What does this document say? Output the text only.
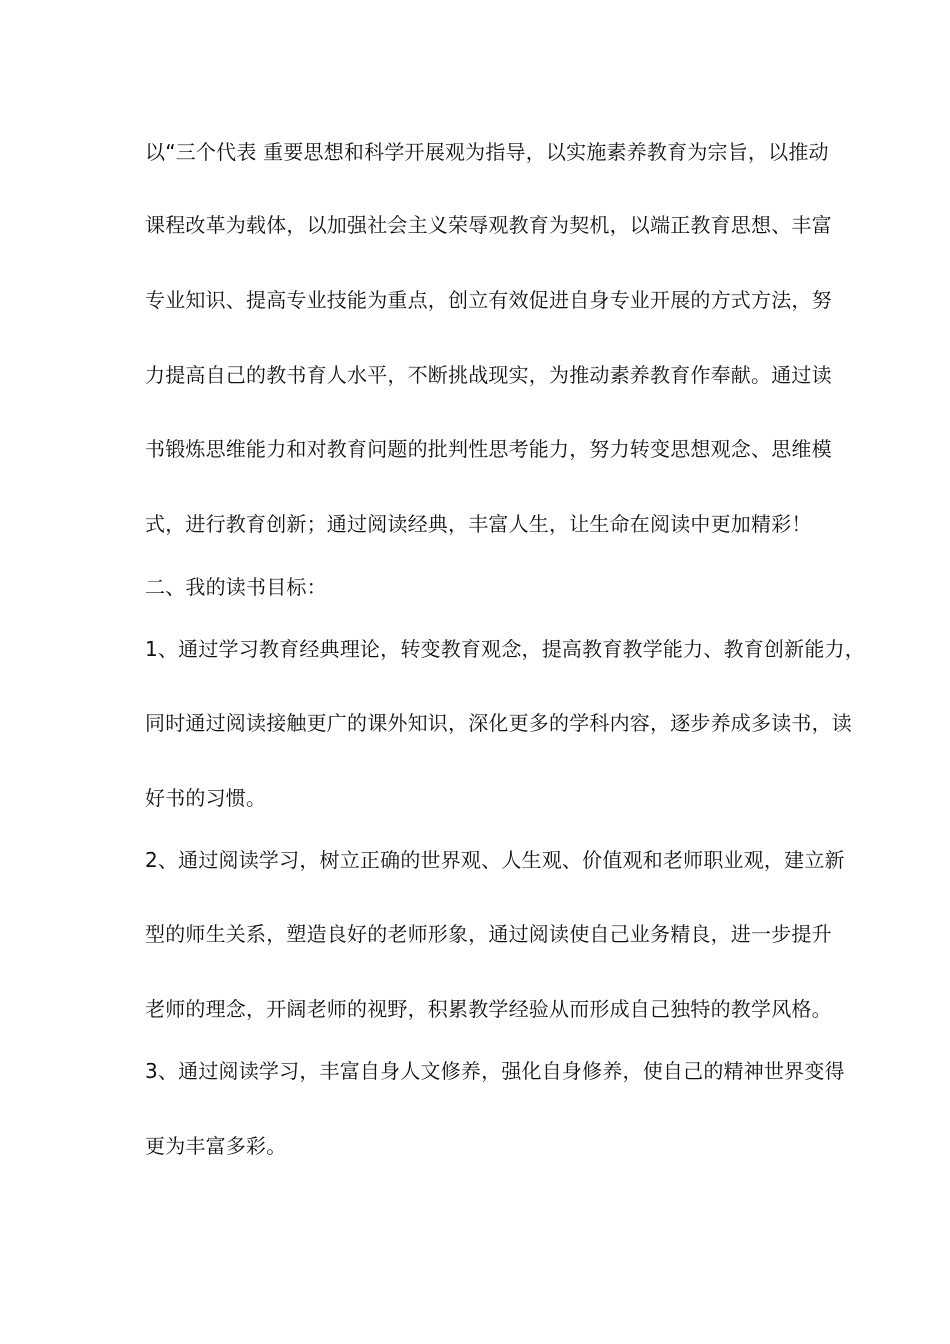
以“三个代表 重要思想和科学开展观为指导，以实施素养教育为宗旨，以推动
课程改革为载体，以加强社会主义荣辱观教育为契机，以端正教育思想、丰富
专业知识、提高专业技能为重点，创立有效促进自身专业开展的方式方法，努
力提高自己的教书育人水平，不断挑战现实，为推动素养教育作奉献。通过读
书锻炼思维能力和对教育问题的批判性思考能力，努力转变思想观念、思维模
式，进行教育创新；通过阅读经典，丰富人生，让生命在阅读中更加精彩！
二、我的读书目标：
1、通过学习教育经典理论，转变教育观念，提高教育教学能力、教育创新能力，
同时通过阅读接触更广的课外知识，深化更多的学科内容，逐步养成多读书，读
好书的习惯。
2、通过阅读学习，树立正确的世界观、人生观、价值观和老师职业观，建立新
型的师生关系，塑造良好的老师形象，通过阅读使自己业务精良，进一步提升
老师的理念，开阔老师的视野，积累教学经验从而形成自己独特的教学风格。
3、通过阅读学习，丰富自身人文修养，强化自身修养，使自己的精神世界变得
更为丰富多彩。
